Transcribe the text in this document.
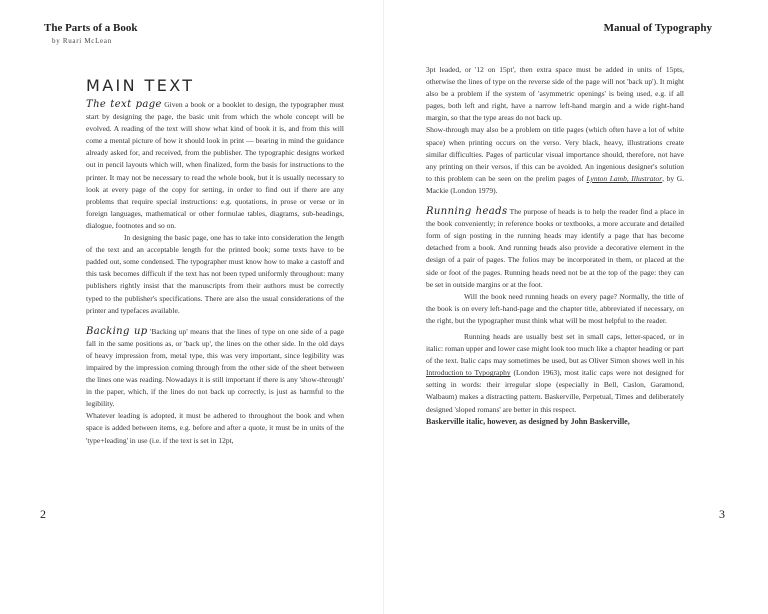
The Parts of a Book
by Ruari McLean
Manual of Typography
MAIN TEXT

The text page Given a book or a booklet to design, the typographer must start by designing the page, the basic unit from which the whole concept will be evolved. A reading of the text will show what kind of book it is, and from this will come a mental picture of how it should look in print — bearing in mind the guidance already asked for, and received, from the publisher. The typographic designs worked out in pencil layouts which will, when finalized, form the basis for instructions to the printer. It may not be necessary to read the whole book, but it is usually necessary to look at every page of the copy for setting, in order to find out if there are any problems that require special instructions: e.g. quotations, in prose or verse or in foreign languages, mathematical or other formulae tables, diagrams, sub-headings, dialogue, footnotes and so on.

In designing the basic page, one has to take into consideration the length of the text and an acceptable length for the printed book; some texts have to be padded out, some condensed. The typographer must know how to make a castoff and this task becomes difficult if the text has not been typed uniformly throughout: many publishers rightly insist that the manuscripts from their authors must be correctly typed to the publisher's specifications. There are also the usual considerations of the printer and typefaces available.

Backing up 'Backing up' means that the lines of type on one side of a page fall in the same positions as, or 'back up', the lines on the other side. In the old days of heavy impression from, metal type, this was very important, since legibility was impaired by the impression coming through from the other side of the sheet between the lines one was reading. Nowadays it is still important if there is any 'show-through' in the paper, which, if the lines do not back up correctly, is just as harmful to the legibility.

Whatever leading is adopted, it must be adhered to throughout the book and when space is added between items, e.g. before and after a quote, it must be in units of the 'type+leading' in use (i.e. if the text is set in 12pt,

3pt leaded, or '12 on 15pt', then extra space must be added in units of 15pts, otherwise the lines of type on the reverse side of the page will not 'back up'). It might also be a problem if the system of 'asymmetric openings' is being used, e.g. if all pages, both left and right, have a narrow left-hand margin and a wide right-hand margin, so that the type areas do not back up.

Show-through may also be a problem on title pages (which often have a lot of white space) when printing occurs on the verso. Very black, heavy, illustrations create similar difficulties. Pages of particular visual importance should, therefore, not have any printing on their versos, if this can be avoided. An ingenious designer's solution to this problem can be seen on the prelim pages of Lynton Lamb, Illustrator, by G. Mackie (London 1979).

Running heads The purpose of heads is to help the reader find a place in the book conveniently; in reference books or textbooks, a more accurate and detailed form of sign posting in the running heads may identify a page that has become detached from a book. And running heads also provide a decorative element in the design of a pair of pages. The folios may be incorporated in them, or placed at the side or foot of the pages. Running heads need not be at the top of the page: they can be set in outside margins or at the foot.

Will the book need running heads on every page? Normally, the title of the book is on every left-hand-page and the chapter title, abbreviated if necessary, on the right, but the typographer must think what will be most helpful to the reader.

Running heads are usually best set in small caps, letter-spaced, or in italic: roman upper and lower case might look too much like a chapter heading or part of the text. Italic caps may sometimes be used, but as Oliver Simon shows well in his Introduction to Typography (London 1963), most italic caps were not designed for setting in words: their irregular slope (especially in Bell, Caslon, Garamond, Walbaum) makes a distracting pattern. Baskerville, Perpetual, Times and deliberately designed 'sloped romans' are better in this respect.

Baskerville italic, however, as designed by John Baskerville,

2	3
